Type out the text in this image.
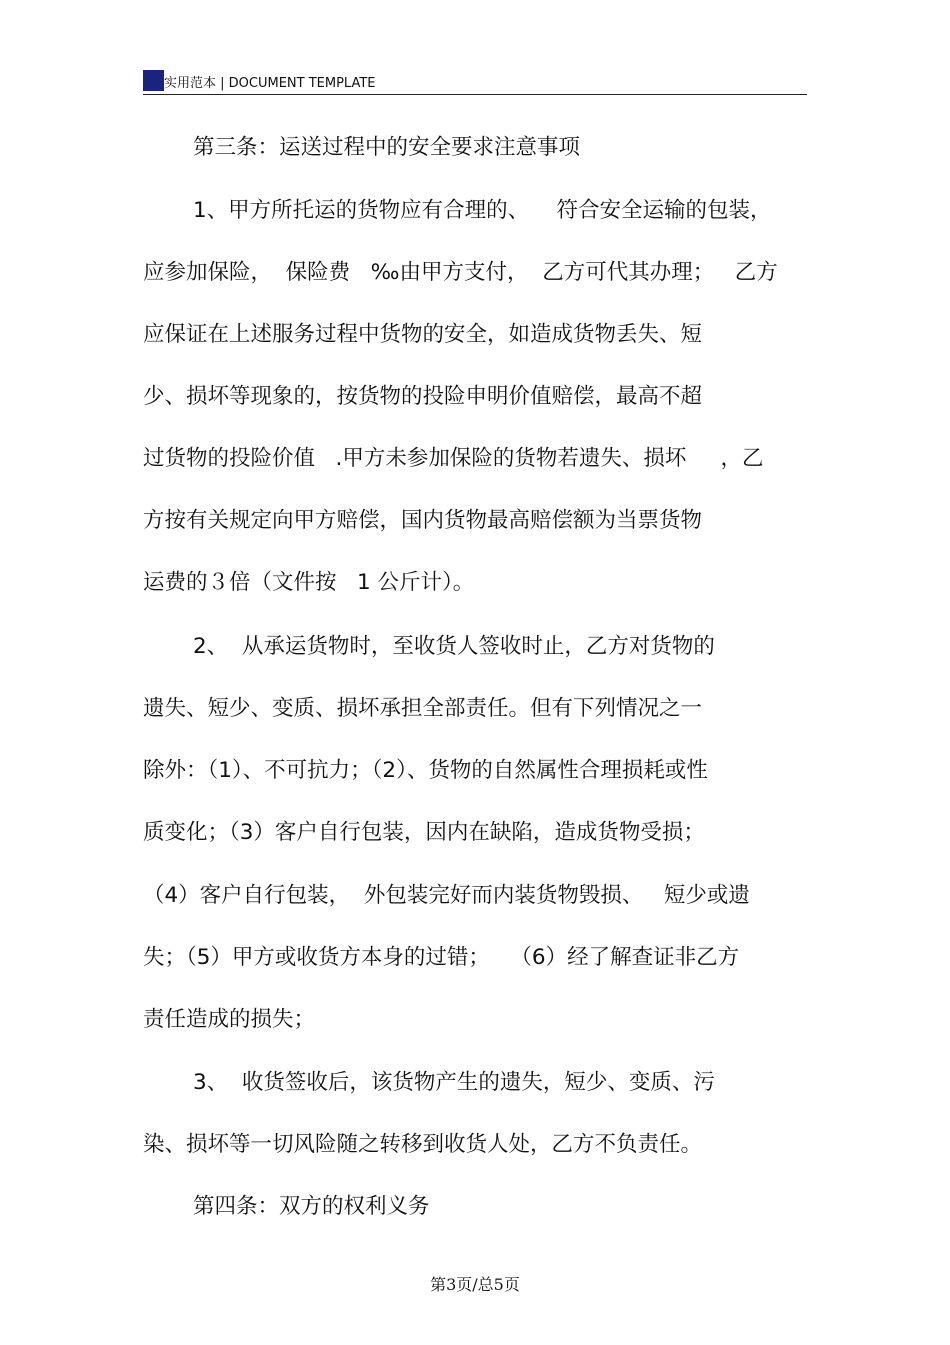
实用范本 | DOCUMENT TEMPLATE
第三条：运送过程中的安全要求注意事项
1、甲方所托运的货物应有合理的、    符合安全运输的包装，
应参加保险，  保险费   ‰由甲方支付，  乙方可代其办理；   乙方
应保证在上述服务过程中货物的安全，如造成货物丢失、短
少、损坏等现象的，按货物的投险申明价值赔偿，最高不超
过货物的投险价值   .甲方未参加保险的货物若遗失、损坏     ，乙
方按有关规定向甲方赔偿，国内货物最高赔偿额为当票货物
运费的３倍（文件按   1 公斤计）。
2、  从承运货物时，至收货人签收时止，乙方对货物的
遗失、短少、变质、损坏承担全部责任。但有下列情况之一
除外：（1）、不可抗力；（2）、货物的自然属性合理损耗或性
质变化；（3）客户自行包装，因内在缺陷，造成货物受损；
（4）客户自行包装，  外包装完好而内装货物毁损、   短少或遗
失；（5）甲方或收货方本身的过错；   （6）经了解查证非乙方
责任造成的损失；
3、  收货签收后，该货物产生的遗失，短少、变质、污
染、损坏等一切风险随之转移到收货人处，乙方不负责任。
第四条：双方的权利义务
第3页/总5页
